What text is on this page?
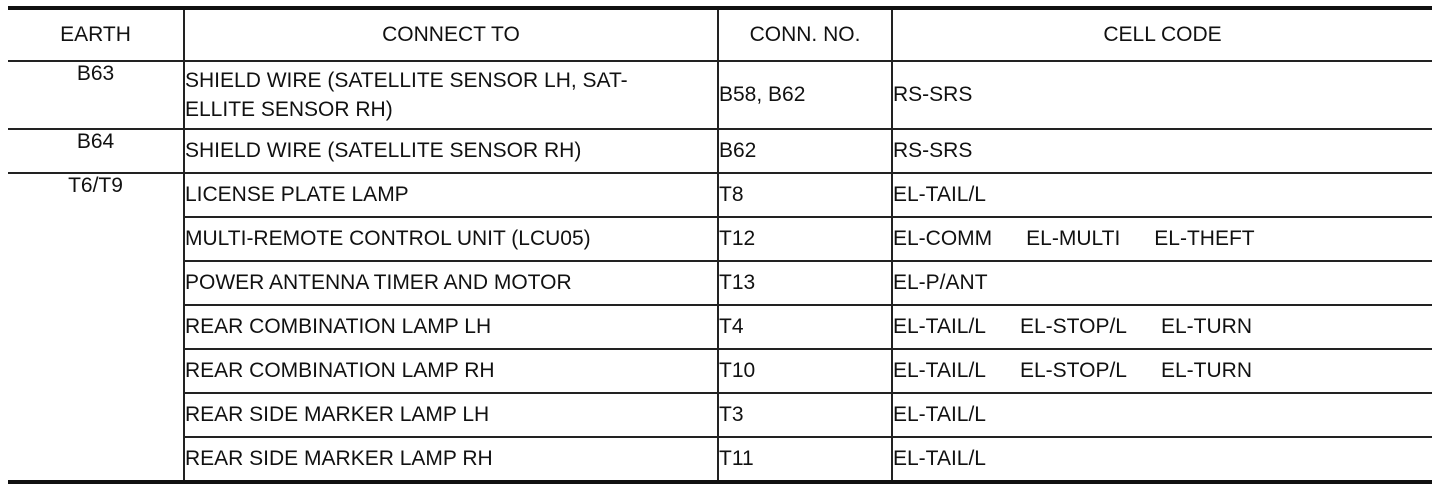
EARTH	CONNECT TO	CONN. NO.	CELL CODE
B63	SHIELD WIRE (SATELLITE SENSOR LH, SAT-
ELLITE SENSOR RH)	B58, B62	RS-SRS
B64	SHIELD WIRE (SATELLITE SENSOR RH)	B62	RS-SRS
T6/T9	LICENSE PLATE LAMP	T8	EL-TAIL/L

	MULTI-REMOTE CONTROL UNIT (LCU05)	T12	EL-COMM EL-MULTI EL-THEFT

	POWER ANTENNA TIMER AND MOTOR	T13	EL-P/ANT

	REAR COMBINATION LAMP LH	T4	EL-TAIL/L EL-STOP/L EL-TURN

	REAR COMBINATION LAMP RH	T10	EL-TAIL/L EL-STOP/L EL-TURN

	REAR SIDE MARKER LAMP LH	T3	EL-TAIL/L

	REAR SIDE MARKER LAMP RH	T11	EL-TAIL/L
